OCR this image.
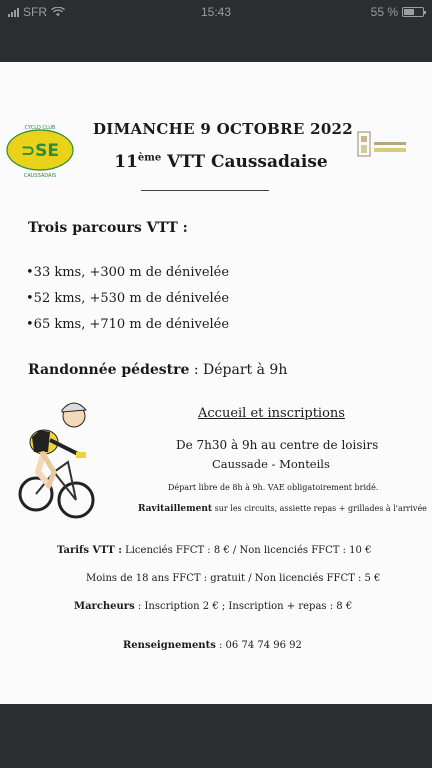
SFR	15:43	55 %
⊃SE
CYCLO CLUB
CAUSSADAIS
DIMANCHE 9 OCTOBRE 2022
11ème VTT Caussadaise
Trois parcours VTT :
•33 kms, +300 m de dénivelée
•52 kms, +530 m de dénivelée
•65 kms, +710 m de dénivelée
Randonnée pédestre : Départ à 9h
Accueil et inscriptions
De 7h30 à 9h au centre de loisirs
Caussade - Monteils
Départ libre de 8h à 9h. VAE obligatoirement bridé.
Ravitaillement sur les circuits, assiette repas + grillades à l'arrivée
Tarifs VTT : Licenciés FFCT : 8 € / Non licenciés FFCT : 10 €
Moins de 18 ans FFCT : gratuit / Non licenciés FFCT : 5 €
Marcheurs : Inscription 2 € ; Inscription + repas : 8 €
Renseignements : 06 74 74 96 92
